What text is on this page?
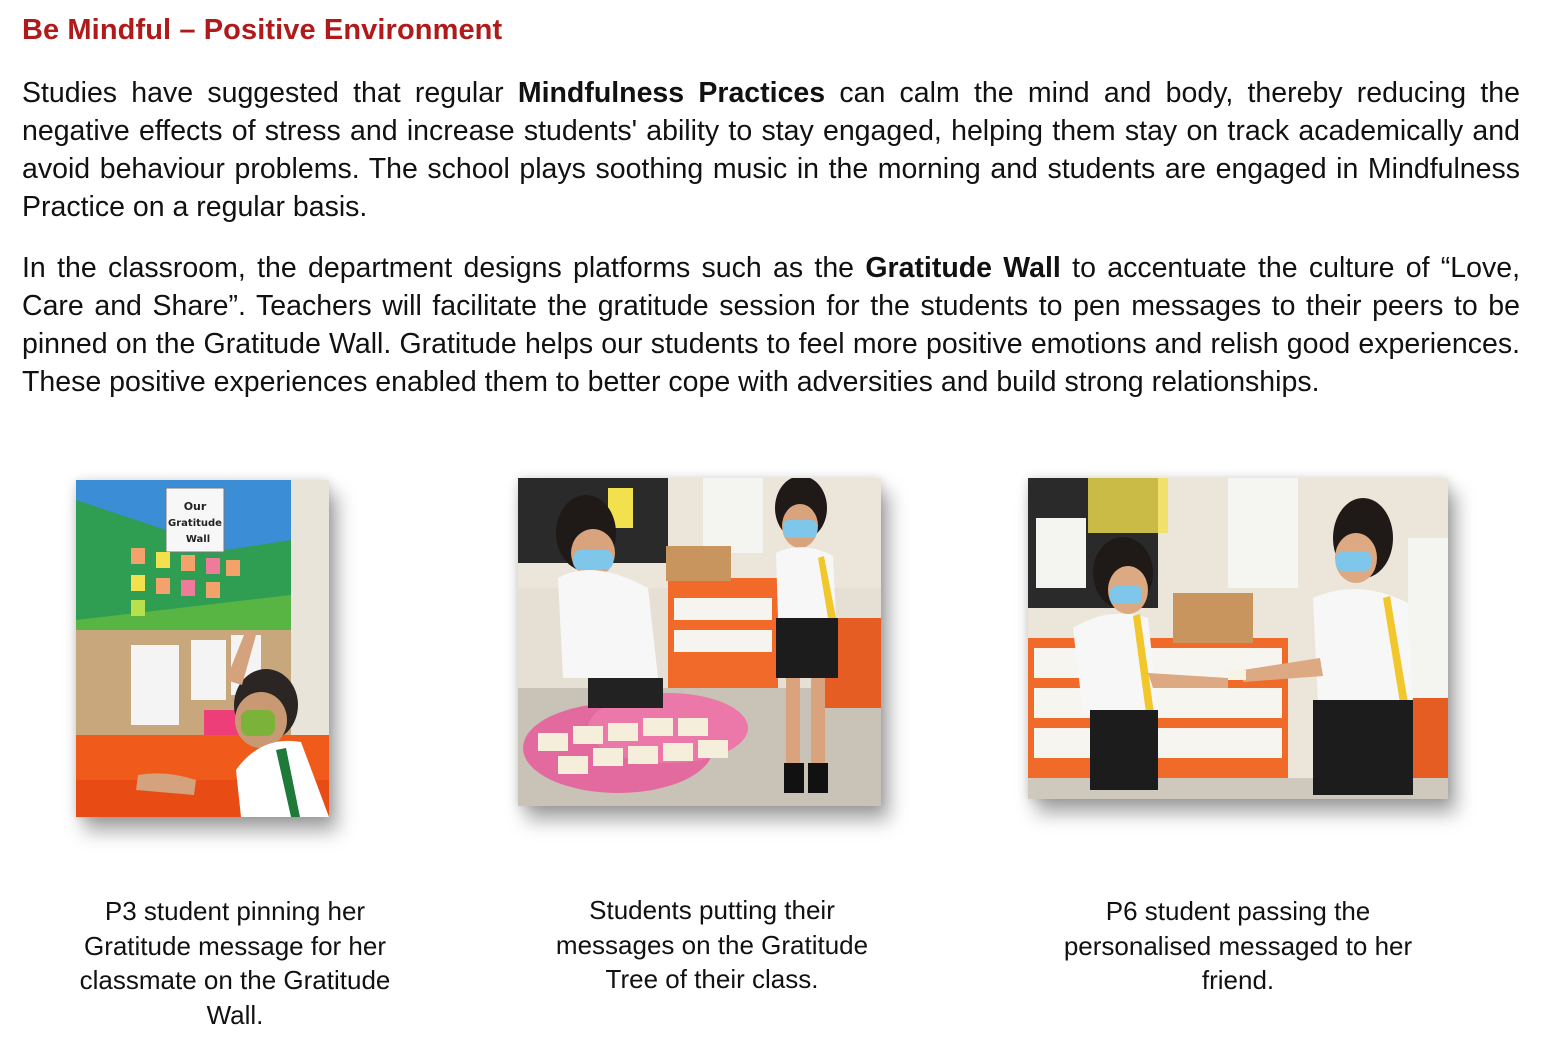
Be Mindful – Positive Environment

Studies have suggested that regular Mindfulness Practices can calm the mind and body, thereby reducing the negative effects of stress and increase students' ability to stay engaged, helping them stay on track academically and avoid behaviour problems. The school plays soothing music in the morning and students are engaged in Mindfulness Practice on a regular basis.

In the classroom, the department designs platforms such as the Gratitude Wall to accentuate the culture of “Love, Care and Share”. Teachers will facilitate the gratitude session for the students to pen messages to their peers to be pinned on the Gratitude Wall. Gratitude helps our students to feel more positive emotions and relish good experiences. These positive experiences enabled them to better cope with adversities and build strong relationships.

Our
Gratitude
Wall

P3 student pinning her Gratitude message for her classmate on the Gratitude Wall.

Students putting their messages on the Gratitude Tree of their class.

P6 student passing the personalised messaged to her friend.
